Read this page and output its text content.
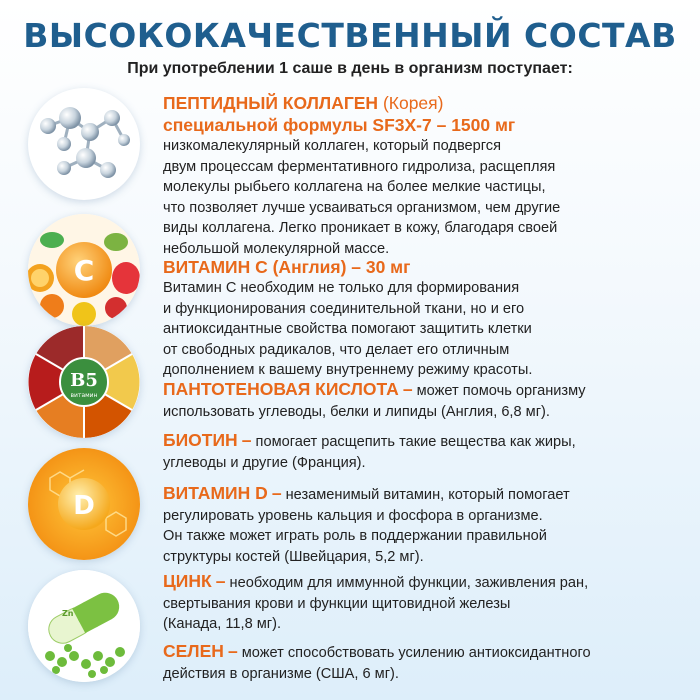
ВЫСОКОКАЧЕСТВЕННЫЙ СОСТАВ
При употреблении 1 саше в день в организм поступает:
C
B5
витамин
D
Zn
ПЕПТИДНЫЙ КОЛЛАГЕН (Корея)
специальной формулы SF3X-7 – 1500 мг
низкомалекулярный коллаген, который подвергся
двум процессам ферментативного гидролиза, расщепляя
молекулы рыбьего коллагена на более мелкие частицы,
что позволяет лучше усваиваться организмом, чем другие
виды коллагена. Легко проникает в кожу, благодаря своей
небольшой молекулярной массе.
ВИТАМИН С (Англия) – 30 мг
Витамин С необходим не только для формирования
и функционирования соединительной ткани, но и его
антиоксидантные свойства помогают защитить клетки
от свободных радикалов, что делает его отличным
дополнением к вашему внутреннему режиму красоты.
ПАНТОТЕНОВАЯ КИСЛОТА – может помочь организму
использовать углеводы, белки и липиды (Англия, 6,8 мг).
БИОТИН – помогает расщепить такие вещества как жиры,
углеводы и другие (Франция).
ВИТАМИН D – незаменимый витамин, который помогает
регулировать уровень кальция и фосфора в организме.
Он также может играть роль в поддержании правильной
структуры костей (Швейцария, 5,2 мг).
ЦИНК – необходим для иммунной функции, заживления ран,
свертывания крови и функции щитовидной железы
(Канада, 11,8 мг).
СЕЛЕН – может способствовать усилению антиоксидантного
действия в организме (США, 6 мг).
